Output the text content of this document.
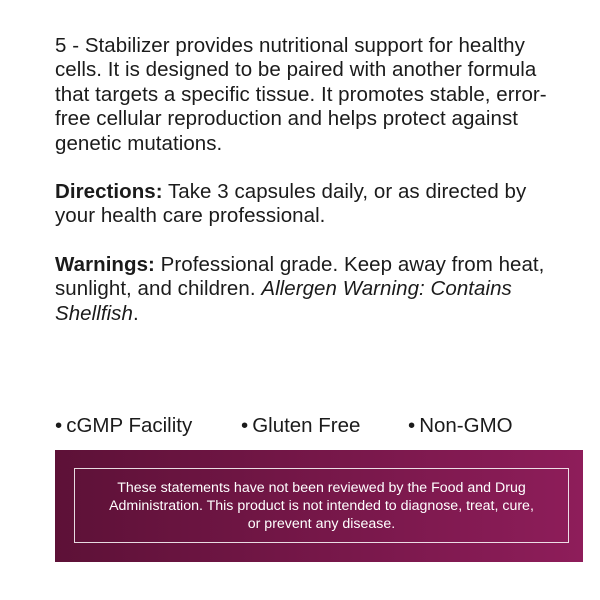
5 - Stabilizer provides nutritional support for healthy cells. It is designed to be paired with another formula that targets a specific tissue. It promotes stable, error-free cellular reproduction and helps protect against genetic mutations.

Directions: Take 3 capsules daily, or as directed by your health care professional.

Warnings: Professional grade. Keep away from heat, sunlight, and children. Allergen Warning: Contains Shellfish.

• cGMP Facility • Gluten Free • Non-GMO

These statements have not been reviewed by the Food and Drug Administration. This product is not intended to diagnose, treat, cure, or prevent any disease.
